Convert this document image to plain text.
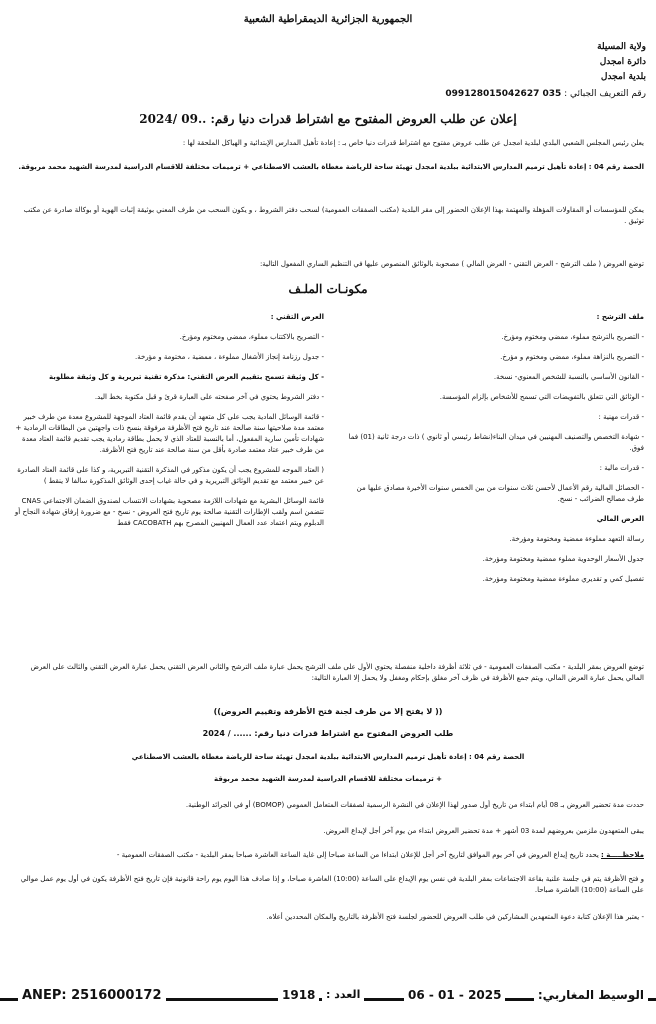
الجمهورية الجزائرية الديمقراطية الشعبية
ولاية المسيلة
دائرة امجدل
بلدية امجدل
رقم التعريف الجبائي : 099128015042627 035
إعلان عن طلب العروض المفتوح مع اشتراط قدرات دنيا رقم: ..09 /2024
يعلن رئيس المجلس الشعبي البلدي لبلدية امجدل عن طلب عروض مفتوح مع اشتراط قدرات دنيا خاص بـ : إعادة تأهيل المدارس الإبتدائية و الهياكل الملحقة لها :
الحصة رقم 04 : إعادة تأهيل ترميم المدارس الابتدائية ببلدية امجدل تهيئة ساحة للرياضة مغطاة بالعشب الاصطناعي + ترميمات مختلفة للاقسام الدراسية لمدرسة الشهيد محمد مربوقة.
يمكن للمؤسسات أو المقاولات المؤهلة والمهتمة بهذا الإعلان الحضور إلى مقر البلدية (مكتب الصفقات العمومية) لسحب دفتر الشروط ، و يكون السحب من طرف المعني بوثيقة إثبات الهوية أو بوكالة صادرة عن مكتب توثيق .
توضع العروض ( ملف الترشح - العرض التقني - العرض المالي ) مصحوبة بالوثائق المنصوص عليها في التنظيم الساري المفعول التالية:
مكونـات الملـف

ملف الترشح :

- التصريح بالترشح مملوء، ممضي ومختوم ومؤرخ.

- التصريح بالنزاهة مملوء، ممضي ومختوم و مؤرخ.

- القانون الأساسي بالنسبة للشخص المعنوي- نسخة.

- الوثائق التي تتعلق بالتفويضات التي تسمح للأشخاص بإلزام المؤسسة.

- قدرات مهنية :

- شهادة التخصص والتصنيف المهنيين في ميدان البناء(نشاط رئيسي أو ثانوي ) ذات درجة ثانية (01) فما فوق.

- قدرات مالية :

- الحصائل المالية رقم الأعمال لأحسن ثلاث سنوات من بين الخمس سنوات الأخيرة مصادق عليها من طرف مصالح الضرائب - نسخ.

العرض المالي

رسالة التعهد مملوءة ممضية ومختومة ومؤرخة.

جدول الأسعار الوحدوية مملوء ممضية ومختومة ومؤرخة.

تفصيل كمي و تقديري مملوءة ممضية ومختومة ومؤرخة.

العرض التقني :

- التصريح بالاكتتاب مملوء، ممضي ومختوم ومؤرخ.

- جدول رزنامة إنجاز الأشغال مملوءة ، ممضية ، مختومة و مؤرخة.

- كل وثيقة تسمح بتقييم العرض التقني: مذكرة تقنية تبريرية و كل وثيقة مطلوبة

- دفتر الشروط يحتوي في آخر صفحته على العبارة قرئ و قبل مكتوبة بخط اليد.

- قائمة الوسائل المادية يجب على كل متعهد أن يقدم قائمة العتاد الموجهة للمشروع معدة من طرف خبير معتمد مدة صلاحيتها سنة صالحة عند تاريخ فتح الأظرفة مرفوقة بنسخ ذات واجهتين من البطاقات الرمادية + شهادات تأمين سارية المفعول، أما بالنسبة للعتاد الذي لا يحمل بطاقة رمادية يجب تقديم قائمة العتاد معدة من طرف خبير عتاد معتمد صادرة بأقل من سنة صالحة عند تاريخ فتح الأظرفة.

( العتاد الموجه للمشروع يجب أن يكون مذكور في المذكرة التقنية التبريرية، و كذا على قائمة العتاد الصادرة عن خبير معتمد مع تقديم الوثائق التبريرية و في حالة غياب إحدى الوثائق المذكورة سالفا لا ينقط )

قائمة الوسائل البشرية مع شهادات اللازمة مصحوبة بشهادات الانتساب لصندوق الضمان الاجتماعي CNAS تتضمن اسم ولقب الإطارات التقنية صالحة يوم تاريخ فتح العروض - نسخ - مع ضرورة إرفاق شهادة النجاح أو الدبلوم ويتم اعتماد عدد العمال المهنيين المصرح بهم CACOBATH فقط

توضع العروض بمقر البلدية - مكتب الصفقات العمومية - في ثلاثة أظرفة داخلية منفصلة يحتوي الأول على ملف الترشح يحمل عبارة ملف الترشح والثاني العرض التقني يحمل عبارة العرض التقني والثالث على العرض المالي يحمل عبارة العرض المالي، ويتم جمع الأظرفة في ظرف آخر مغلق بإحكام ومغفل ولا يحمل إلا العبارة التالية:
(( لا يفتح إلا من طرف لجنة فتح الأظرفة وتقييم العروض))
طلب العروض المفتوح مع اشتراط قدرات دنيا رقم: ...... / 2024
الحصة رقم 04 : إعادة تأهيل ترميم المدارس الابتدائية ببلدية امجدل تهيئة ساحة للرياضة مغطاة بالعشب الاصطناعي
+ ترميمات مختلفة للاقسام الدراسية لمدرسة الشهيد محمد مربوقة
حددت مدة تحضير العروض بـ 08 أيام ابتداء من تاريخ أول صدور لهذا الإعلان في النشرة الرسمية لصفقات المتعامل العمومي (BOMOP) أو في الجرائد الوطنية.
يبقى المتعهدون ملزمين بعروضهم لمدة 03 أشهر + مدة تحضير العروض ابتداء من يوم آخر أجل لإيداع العروض.
ملاحظـــــة : يحدد تاريخ إيداع العروض في آخر يوم الموافق لتاريخ آخر أجل للإعلان ابتداءا من الساعة صباحا إلى غاية الساعة العاشرة صباحا بمقر البلدية - مكتب الصفقات العمومية -
و فتح الأظرفة يتم في جلسة علنية بقاعة الاجتماعات بمقر البلدية في نفس يوم الإيداع على الساعة (10:00) العاشرة صباحا، و إذا صادف هذا اليوم يوم راحة قانونية فإن تاريخ فتح الأظرفة يكون في أول يوم عمل موالي على الساعة (10:00) العاشرة صباحا.
- يعتبر هذا الإعلان كتابة دعوة المتعهدين المشاركين في طلب العروض للحضور لجلسة فتح الأظرفة بالتاريخ والمكان المحددين أعلاه.
الوسيط المغاربي:
06 - 01 - 2025
العدد :
1918
ANEP: 2516000172
